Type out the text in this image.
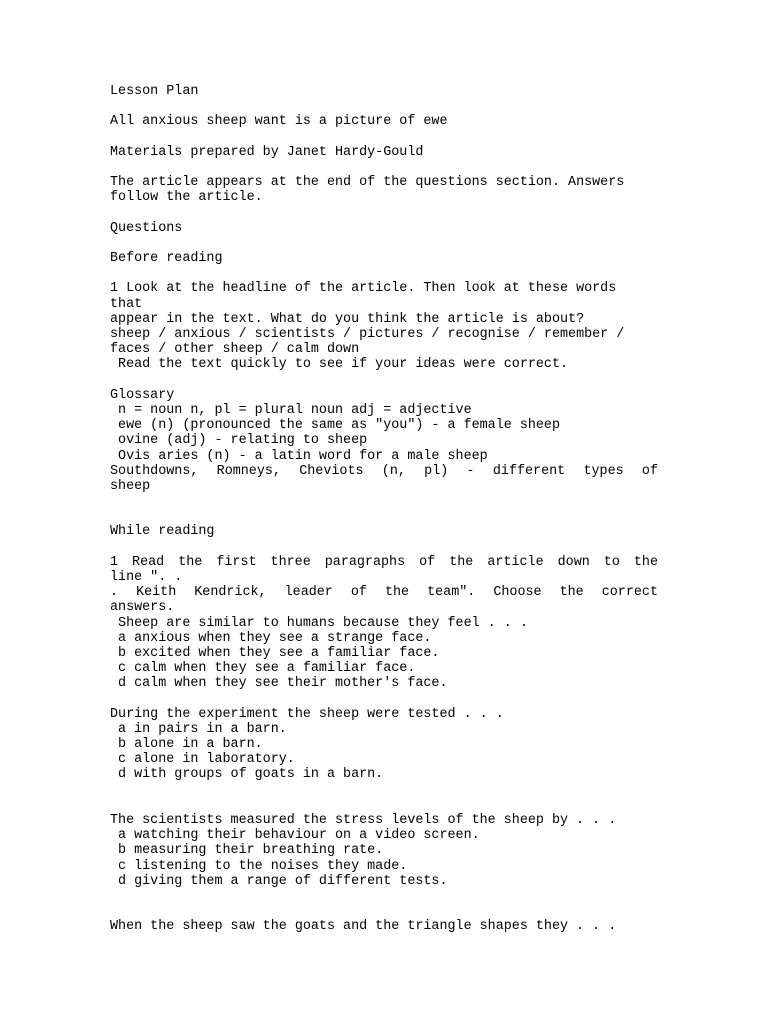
Lesson Plan
All anxious sheep want is a picture of ewe
Materials prepared by Janet Hardy-Gould
The article appears at the end of the questions section. Answers
follow the article.
Questions
Before reading
1 Look at the headline of the article. Then look at these words
that
appear in the text. What do you think the article is about?
sheep / anxious / scientists / pictures / recognise / remember /
faces / other sheep / calm down
Read the text quickly to see if your ideas were correct.
Glossary
n = noun n, pl = plural noun adj = adjective
ewe (n) (pronounced the same as "you") - a female sheep
ovine (adj) - relating to sheep
Ovis aries (n) - a latin word for a male sheep
Southdowns, Romneys, Cheviots (n, pl) - different types of
sheep
While reading
1 Read the first three paragraphs of the article down to the
line ". .
. Keith Kendrick, leader of the team". Choose the correct
answers.
Sheep are similar to humans because they feel . . .
a anxious when they see a strange face.
b excited when they see a familiar face.
c calm when they see a familiar face.
d calm when they see their mother's face.
During the experiment the sheep were tested . . .
a in pairs in a barn.
b alone in a barn.
c alone in laboratory.
d with groups of goats in a barn.
The scientists measured the stress levels of the sheep by . . .
a watching their behaviour on a video screen.
b measuring their breathing rate.
c listening to the noises they made.
d giving them a range of different tests.
When the sheep saw the goats and the triangle shapes they . . .
